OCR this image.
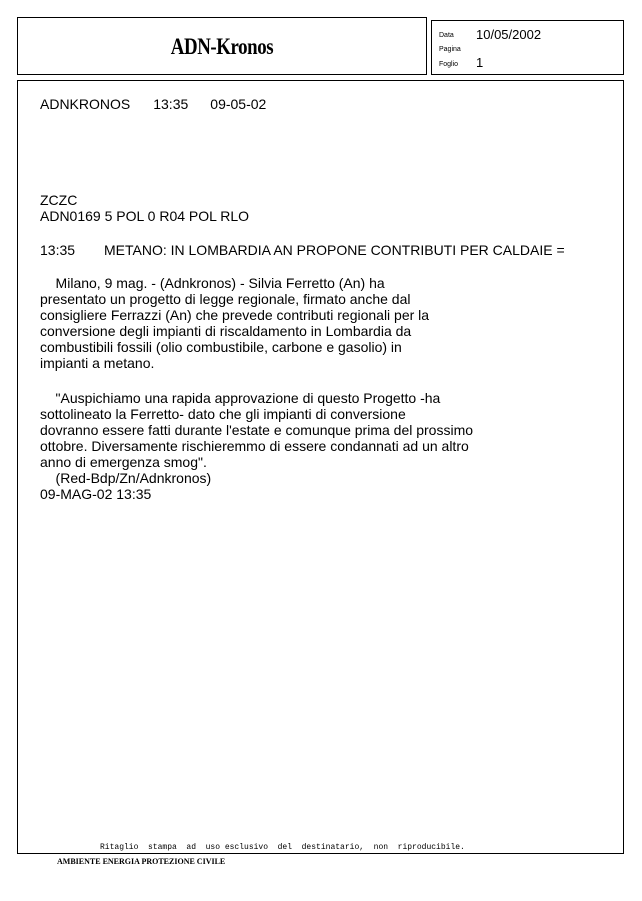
ADN-Kronos	Data 10/05/2002
Pagina
Foglio 1
ADNKRONOS 13:35 09-05-02
ZCZC
ADN0169 5 POL 0 R04 POL RLO
13:35 METANO: IN LOMBARDIA AN PROPONE CONTRIBUTI PER CALDAIE =
Milano, 9 mag. - (Adnkronos) - Silvia Ferretto (An) ha
presentato un progetto di legge regionale, firmato anche dal
consigliere Ferrazzi (An) che prevede contributi regionali per la
conversione degli impianti di riscaldamento in Lombardia da
combustibili fossili (olio combustibile, carbone e gasolio) in
impianti a metano.
"Auspichiamo una rapida approvazione di questo Progetto -ha
sottolineato la Ferretto- dato che gli impianti di conversione
dovranno essere fatti durante l'estate e comunque prima del prossimo
ottobre. Diversamente rischieremmo di essere condannati ad un altro
anno di emergenza smog".
(Red-Bdp/Zn/Adnkronos)
09-MAG-02 13:35
Ritaglio  stampa  ad  uso esclusivo  del  destinatario,  non  riproducibile.
AMBIENTE ENERGIA PROTEZIONE CIVILE
